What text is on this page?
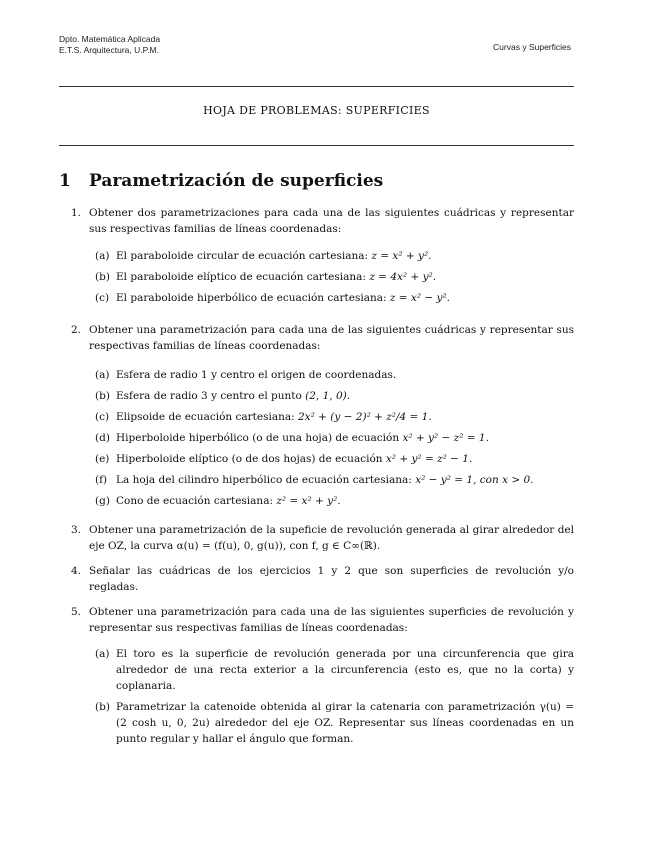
Dpto. Matemática Aplicada
E.T.S. Arquitectura, U.P.M.	Curvas y Superficies
HOJA DE PROBLEMAS: SUPERFICIES
1 Parametrización de superficies
1. Obtener dos parametrizaciones para cada una de las siguientes cuádricas y representar sus respectivas familias de líneas coordenadas:
(a) El paraboloide circular de ecuación cartesiana: z = x² + y².
(b) El paraboloide elíptico de ecuación cartesiana: z = 4x² + y².
(c) El paraboloide hiperbólico de ecuación cartesiana: z = x² − y².
2. Obtener una parametrización para cada una de las siguientes cuádricas y representar sus respectivas familias de líneas coordenadas:
(a) Esfera de radio 1 y centro el origen de coordenadas.
(b) Esfera de radio 3 y centro el punto (2, 1, 0).
(c) Elipsoide de ecuación cartesiana: 2x² + (y − 2)² + z²/4 = 1.
(d) Hiperboloide hiperbólico (o de una hoja) de ecuación x² + y² − z² = 1.
(e) Hiperboloide elíptico (o de dos hojas) de ecuación x² + y² = z² − 1.
(f) La hoja del cilindro hiperbólico de ecuación cartesiana: x² − y² = 1, con x > 0.
(g) Cono de ecuación cartesiana: z² = x² + y².
3. Obtener una parametrización de la supeficie de revolución generada al girar alrededor del eje OZ, la curva α(u) = (f(u), 0, g(u)), con f, g ∈ C∞(ℝ).
4. Señalar las cuádricas de los ejercicios 1 y 2 que son superficies de revolución y/o regladas.
5. Obtener una parametrización para cada una de las siguientes superficies de revolución y representar sus respectivas familias de líneas coordenadas:
(a) El toro es la superficie de revolución generada por una circunferencia que gira alrededor de una recta exterior a la circunferencia (esto es, que no la corta) y coplanaria.
(b) Parametrizar la catenoide obtenida al girar la catenaria con parametrización γ(u) = (2 cosh u, 0, 2u) alrededor del eje OZ. Representar sus líneas coordenadas en un punto regular y hallar el ángulo que forman.
